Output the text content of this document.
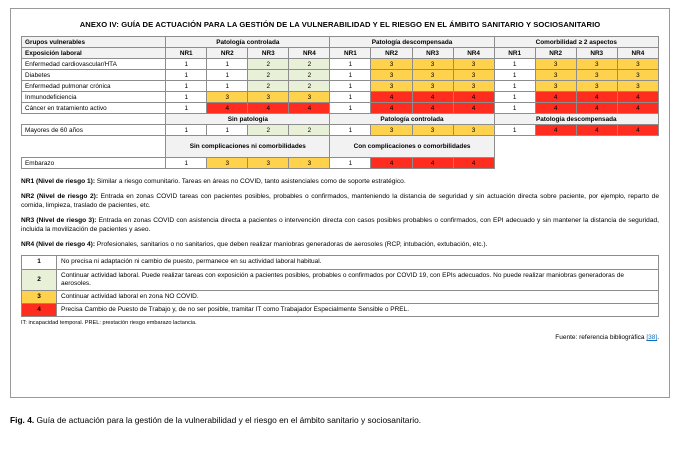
ANEXO IV: GUÍA DE ACTUACIÓN PARA LA GESTIÓN DE LA VULNERABILIDAD Y EL RIESGO EN EL ÁMBITO SANITARIO Y SOCIOSANITARIO
Grupos vulnerables	Patología controlada				Patología descompensada				Comorbilidad ≥ 2 aspectos			
Exposición laboral	NR1	NR2	NR3	NR4	NR1	NR2	NR3	NR4	NR1	NR2	NR3	NR4
Enfermedad cardiovascular/HTA	1	1	2	2	1	3	3	3	1	3	3	3
Diabetes	1	1	2	2	1	3	3	3	1	3	3	3
Enfermedad pulmonar crónica	1	1	2	2	1	3	3	3	1	3	3	3
Inmunodeficiencia	1	3	3	3	1	4	4	4	1	4	4	4
Cáncer en tratamiento activo	1	4	4	4	1	4	4	4	1	4	4	4
	Sin patología				Patología controlada				Patología descompensada			
Mayores de 60 años	1	1	2	2	1	3	3	3	1	4	4	4
	Sin complicaciones ni comorbilidades				Con complicaciones o comorbilidades							
Embarazo	1	3	3	3	1	4	4	4				
NR1 (Nivel de riesgo 1): Similar a riesgo comunitario. Tareas en áreas no COVID, tanto asistenciales como de soporte estratégico.
NR2 (Nivel de riesgo 2): Entrada en zonas COVID tareas con pacientes posibles, probables o confirmados, manteniendo la distancia de seguridad y sin actuación directa sobre paciente, por ejemplo, reparto de comida, limpieza, traslado de pacientes, etc.
NR3 (Nivel de riesgo 3): Entrada en zonas COVID con asistencia directa a pacientes o intervención directa con casos posibles probables o confirmados, con EPI adecuado y sin mantener la distancia de seguridad, incluida la movilización de pacientes y aseo.
NR4 (Nivel de riesgo 4): Profesionales, sanitarios o no sanitarios, que deben realizar maniobras generadoras de aerosoles (RCP, intubación, extubación, etc.).
1	No precisa ni adaptación ni cambio de puesto, permanece en su actividad laboral habitual.
2	Continuar actividad laboral. Puede realizar tareas con exposición a pacientes posibles, probables o confirmados por COVID 19, con EPIs adecuados. No puede realizar maniobras generadoras de aerosoles.
3	Continuar actividad laboral en zona NO COVID.
4	Precisa Cambio de Puesto de Trabajo y, de no ser posible, tramitar IT como Trabajador Especialmente Sensible o PREL.
IT: incapacidad temporal. PREL: prestación riesgo embarazo lactancia.
Fuente: referencia bibliográfica [38].
Fig. 4. Guía de actuación para la gestión de la vulnerabilidad y el riesgo en el ámbito sanitario y sociosanitario.
